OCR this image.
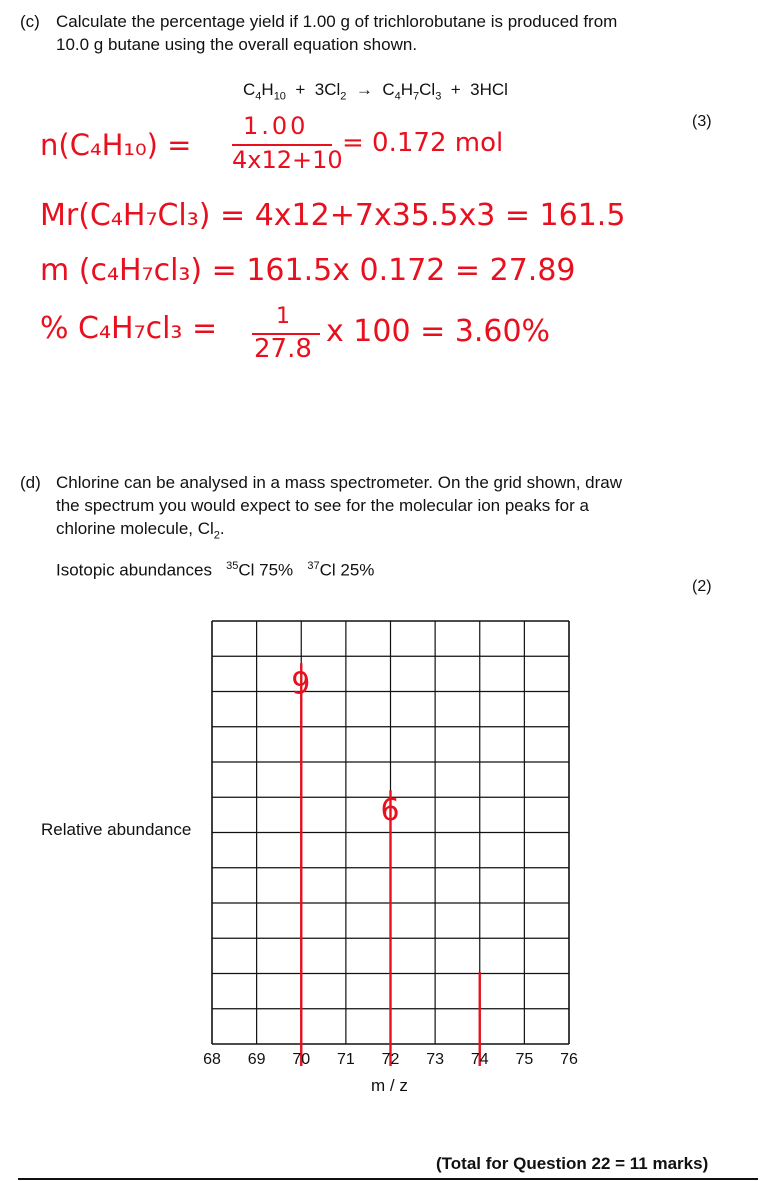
(c) Calculate the percentage yield if 1.00 g of trichlorobutane is produced from
10.0 g butane using the overall equation shown.
$C_4H_{10} + 3Cl_2 \to C_4H_7Cl_3 + 3HCl$
(3)
n(C₄H₁₀) =
1.00
4x12+10
= 0.172 mol
Mr(C₄H₇Cl₃) = 4x12+7x35.5x3 = 161.5
m (c₄H₇cl₃) = 161.5x 0.172 = 27.89
% C₄H₇cl₃ =	1
27.8 x 100 = 3.60%
(d) Chlorine can be analysed in a mass spectrometer. On the grid shown, draw
the spectrum you would expect to see for the molecular ion peaks for a
chlorine molecule, $Cl_2$.
Isotopic abundances $^{35}$Cl 75% $^{37}$Cl 25%
(2)
Relative abundance
9
6
68	69	70	71	72	73	74	75	76
m / z
(Total for Question 22 = 11 marks)
